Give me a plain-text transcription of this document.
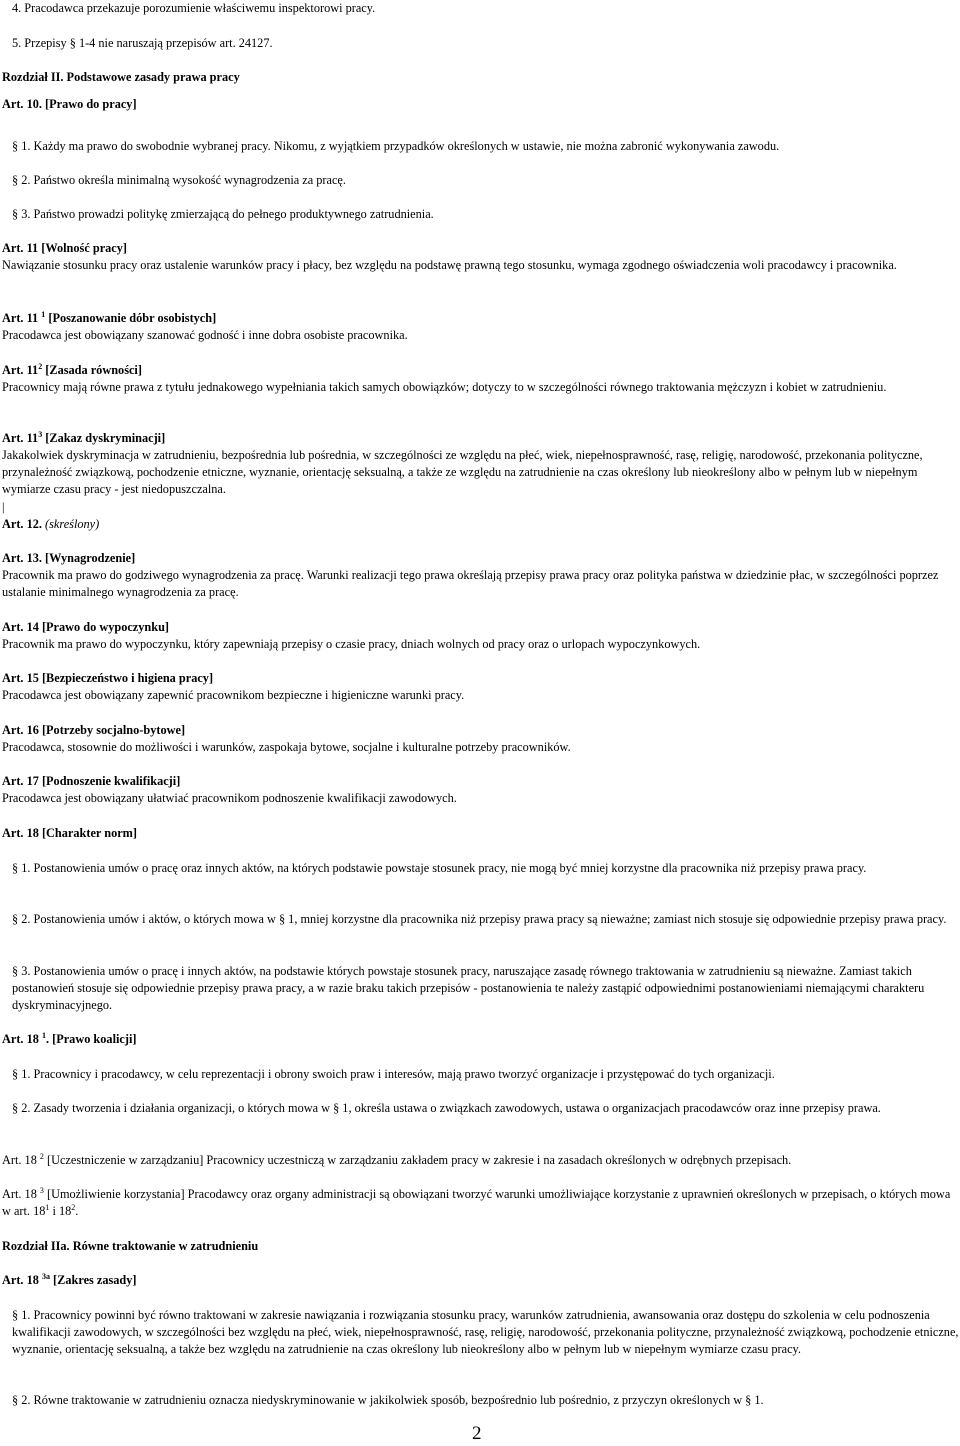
4. Pracodawca przekazuje porozumienie właściwemu inspektorowi pracy.
5. Przepisy § 1-4 nie naruszają przepisów art. 24127.
Rozdział II. Podstawowe zasady prawa pracy
Art. 10. [Prawo do pracy]
§ 1. Każdy ma prawo do swobodnie wybranej pracy. Nikomu, z wyjątkiem przypadków określonych w ustawie, nie można zabronić wykonywania zawodu.
§ 2. Państwo określa minimalną wysokość wynagrodzenia za pracę.
§ 3. Państwo prowadzi politykę zmierzającą do pełnego produktywnego zatrudnienia.
Art. 11 [Wolność pracy]
Nawiązanie stosunku pracy oraz ustalenie warunków pracy i płacy, bez względu na podstawę prawną tego stosunku, wymaga zgodnego oświadczenia woli pracodawcy i pracownika.
Art. 11 $^1$ [Poszanowanie dóbr osobistych]
Pracodawca jest obowiązany szanować godność i inne dobra osobiste pracownika.
Art. $11^2$ [Zasada równości]
Pracownicy mają równe prawa z tytułu jednakowego wypełniania takich samych obowiązków; dotyczy to w szczególności równego traktowania mężczyzn i kobiet w zatrudnieniu.
Art. $11^3$ [Zakaz dyskryminacji]
Jakakolwiek dyskryminacja w zatrudnieniu, bezpośrednia lub pośrednia, w szczególności ze względu na płeć, wiek, niepełnosprawność, rasę, religię, narodowość, przekonania polityczne, przynależność związkową, pochodzenie etniczne, wyznanie, orientację seksualną, a także ze względu na zatrudnienie na czas określony lub nieokreślony albo w pełnym lub w niepełnym wymiarze czasu pracy - jest niedopuszczalna.
|
Art. 12. (skreślony)
Art. 13. [Wynagrodzenie]
Pracownik ma prawo do godziwego wynagrodzenia za pracę. Warunki realizacji tego prawa określają przepisy prawa pracy oraz polityka państwa w dziedzinie płac, w szczególności poprzez ustalanie minimalnego wynagrodzenia za pracę.
Art. 14 [Prawo do wypoczynku]
Pracownik ma prawo do wypoczynku, który zapewniają przepisy o czasie pracy, dniach wolnych od pracy oraz o urlopach wypoczynkowych.
Art. 15 [Bezpieczeństwo i higiena pracy]
Pracodawca jest obowiązany zapewnić pracownikom bezpieczne i higieniczne warunki pracy.
Art. 16 [Potrzeby socjalno-bytowe]
Pracodawca, stosownie do możliwości i warunków, zaspokaja bytowe, socjalne i kulturalne potrzeby pracowników.
Art. 17 [Podnoszenie kwalifikacji]
Pracodawca jest obowiązany ułatwiać pracownikom podnoszenie kwalifikacji zawodowych.
Art. 18 [Charakter norm]
§ 1. Postanowienia umów o pracę oraz innych aktów, na których podstawie powstaje stosunek pracy, nie mogą być mniej korzystne dla pracownika niż przepisy prawa pracy.
§ 2. Postanowienia umów i aktów, o których mowa w § 1, mniej korzystne dla pracownika niż przepisy prawa pracy są nieważne; zamiast nich stosuje się odpowiednie przepisy prawa pracy.
§ 3. Postanowienia umów o pracę i innych aktów, na podstawie których powstaje stosunek pracy, naruszające zasadę równego traktowania w zatrudnieniu są nieważne. Zamiast takich postanowień stosuje się odpowiednie przepisy prawa pracy, a w razie braku takich przepisów - postanowienia te należy zastąpić odpowiednimi postanowieniami niemającymi charakteru dyskryminacyjnego.
Art. 18 $^1$. [Prawo koalicji]
§ 1. Pracownicy i pracodawcy, w celu reprezentacji i obrony swoich praw i interesów, mają prawo tworzyć organizacje i przystępować do tych organizacji.
§ 2. Zasady tworzenia i działania organizacji, o których mowa w § 1, określa ustawa o związkach zawodowych, ustawa o organizacjach pracodawców oraz inne przepisy prawa.
Art. 18 $^2$ [Uczestniczenie w zarządzaniu] Pracownicy uczestniczą w zarządzaniu zakładem pracy w zakresie i na zasadach określonych w odrębnych przepisach.
Art. 18 $^3$ [Umożliwienie korzystania] Pracodawcy oraz organy administracji są obowiązani tworzyć warunki umożliwiające korzystanie z uprawnień określonych w przepisach, o których mowa w art. $18^1$ i $18^2$.
Rozdział IIa. Równe traktowanie w zatrudnieniu
Art. 18 $^{3a}$ [Zakres zasady]
§ 1. Pracownicy powinni być równo traktowani w zakresie nawiązania i rozwiązania stosunku pracy, warunków zatrudnienia, awansowania oraz dostępu do szkolenia w celu podnoszenia kwalifikacji zawodowych, w szczególności bez względu na płeć, wiek, niepełnosprawność, rasę, religię, narodowość, przekonania polityczne, przynależność związkową, pochodzenie etniczne, wyznanie, orientację seksualną, a także bez względu na zatrudnienie na czas określony lub nieokreślony albo w pełnym lub w niepełnym wymiarze czasu pracy.
§ 2. Równe traktowanie w zatrudnieniu oznacza niedyskryminowanie w jakikolwiek sposób, bezpośrednio lub pośrednio, z przyczyn określonych w § 1.
2
